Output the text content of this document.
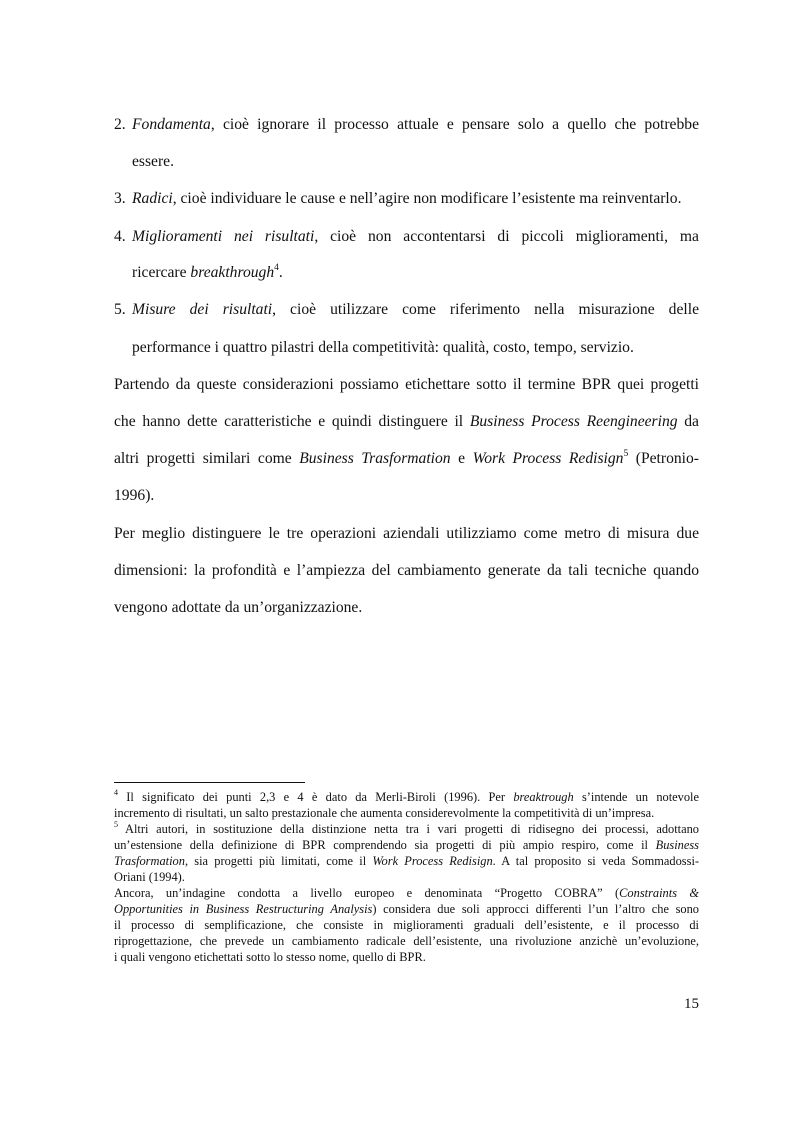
2. Fondamenta, cioè ignorare il processo attuale e pensare solo a quello che potrebbe
essere.
3. Radici, cioè individuare le cause e nell’agire non modificare l’esistente ma reinventarlo.
4. Miglioramenti nei risultati, cioè non accontentarsi di piccoli miglioramenti, ma
ricercare breakthrough$^4$.
5. Misure dei risultati, cioè utilizzare come riferimento nella misurazione delle
performance i quattro pilastri della competitività: qualità, costo, tempo, servizio.
Partendo da queste considerazioni possiamo etichettare sotto il termine BPR quei progetti
che hanno dette caratteristiche e quindi distinguere il Business Process Reengineering da
altri progetti similari come Business Trasformation e Work Process Redisign$^5$ (Petronio-
1996).
Per meglio distinguere le tre operazioni aziendali utilizziamo come metro di misura due
dimensioni: la profondità e l’ampiezza del cambiamento generate da tali tecniche quando
vengono adottate da un’organizzazione.
$^4$ Il significato dei punti 2,3 e 4 è dato da Merli-Biroli (1996). Per breaktrough s’intende un notevole
incremento di risultati, un salto prestazionale che aumenta considerevolmente la competitività di un’impresa.
$^5$ Altri autori, in sostituzione della distinzione netta tra i vari progetti di ridisegno dei processi, adottano
un’estensione della definizione di BPR comprendendo sia progetti di più ampio respiro, come il Business
Trasformation, sia progetti più limitati, come il Work Process Redisign. A tal proposito si veda Sommadossi-
Oriani (1994).
Ancora, un’indagine condotta a livello europeo e denominata “Progetto COBRA” (Constraints &
Opportunities in Business Restructuring Analysis) considera due soli approcci differenti l’un l’altro che sono
il processo di semplificazione, che consiste in miglioramenti graduali dell’esistente, e il processo di
riprogettazione, che prevede un cambiamento radicale dell’esistente, una rivoluzione anzichè un’evoluzione,
i quali vengono etichettati sotto lo stesso nome, quello di BPR.
15
